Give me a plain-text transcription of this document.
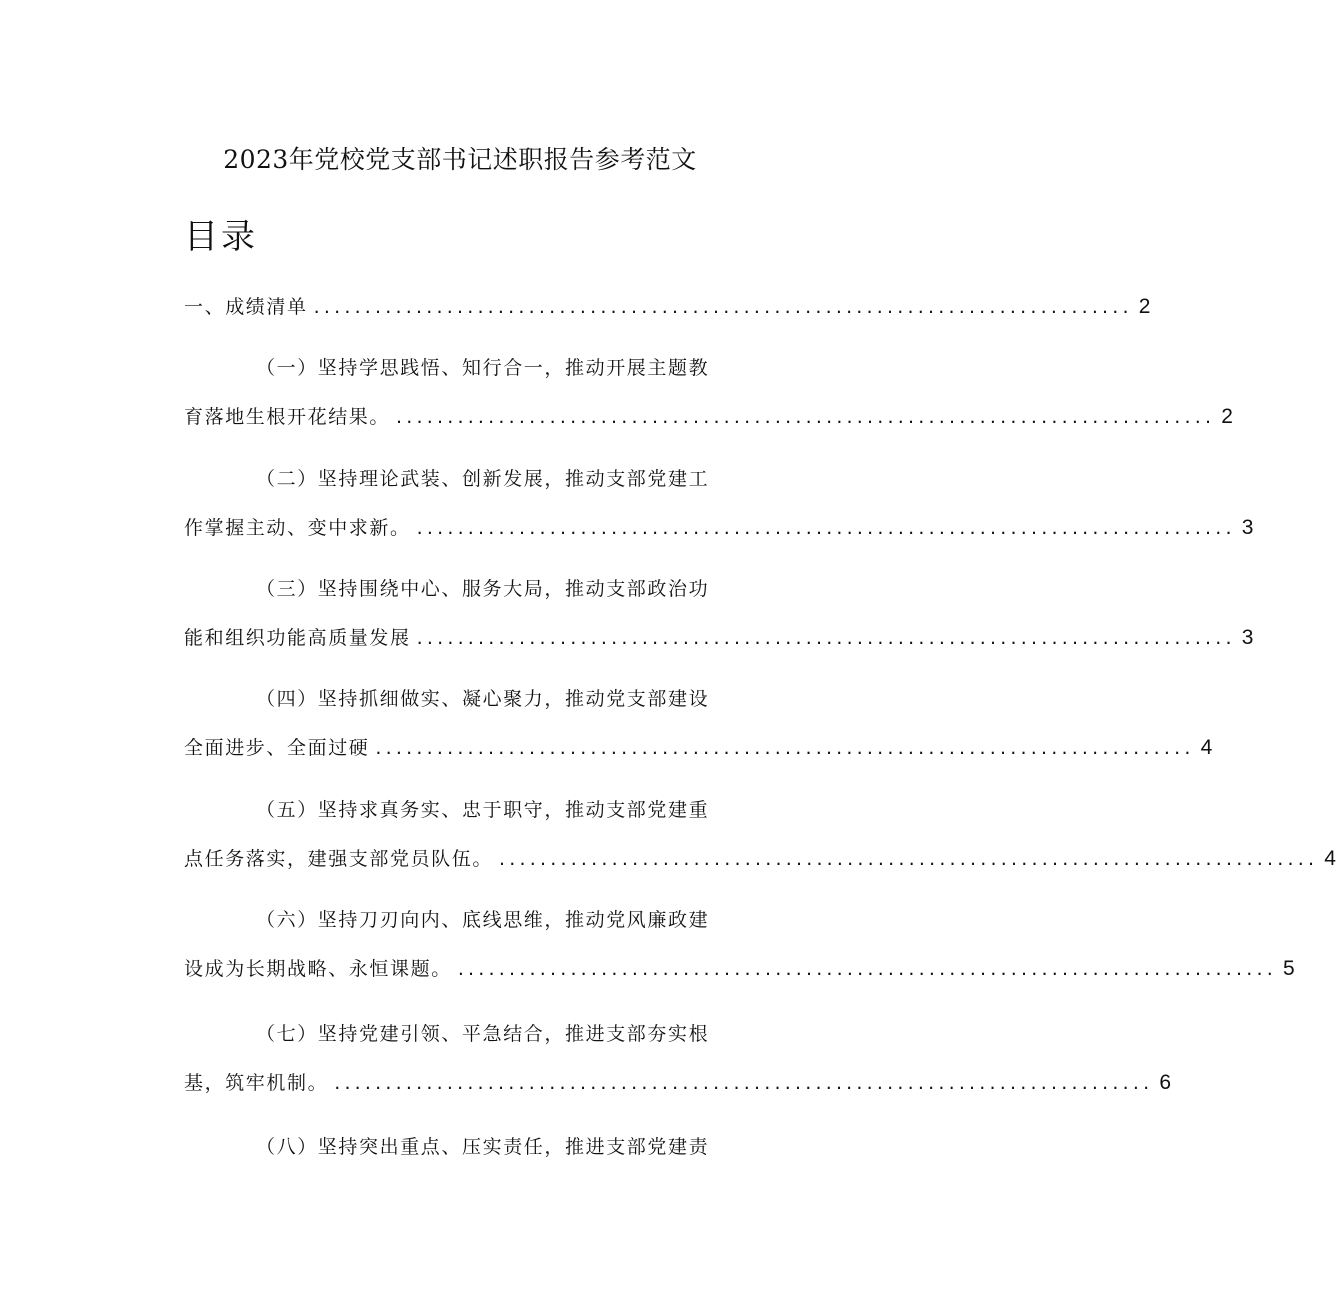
2023年党校党支部书记述职报告参考范文
目录
一、成绩清单 ................................................................................ 2
（一）坚持学思践悟、知行合一，推动开展主题教
育落地生根开花结果。 ................................................................................ 2
（二）坚持理论武装、创新发展，推动支部党建工
作掌握主动、变中求新。 ................................................................................ 3
（三）坚持围绕中心、服务大局，推动支部政治功
能和组织功能高质量发展 ................................................................................ 3
（四）坚持抓细做实、凝心聚力，推动党支部建设
全面进步、全面过硬 ................................................................................ 4
（五）坚持求真务实、忠于职守，推动支部党建重
点任务落实，建强支部党员队伍。 ................................................................................ 4
（六）坚持刀刃向内、底线思维，推动党风廉政建
设成为长期战略、永恒课题。 ................................................................................ 5
（七）坚持党建引领、平急结合，推进支部夯实根
基，筑牢机制。 ................................................................................ 6
（八）坚持突出重点、压实责任，推进支部党建责
